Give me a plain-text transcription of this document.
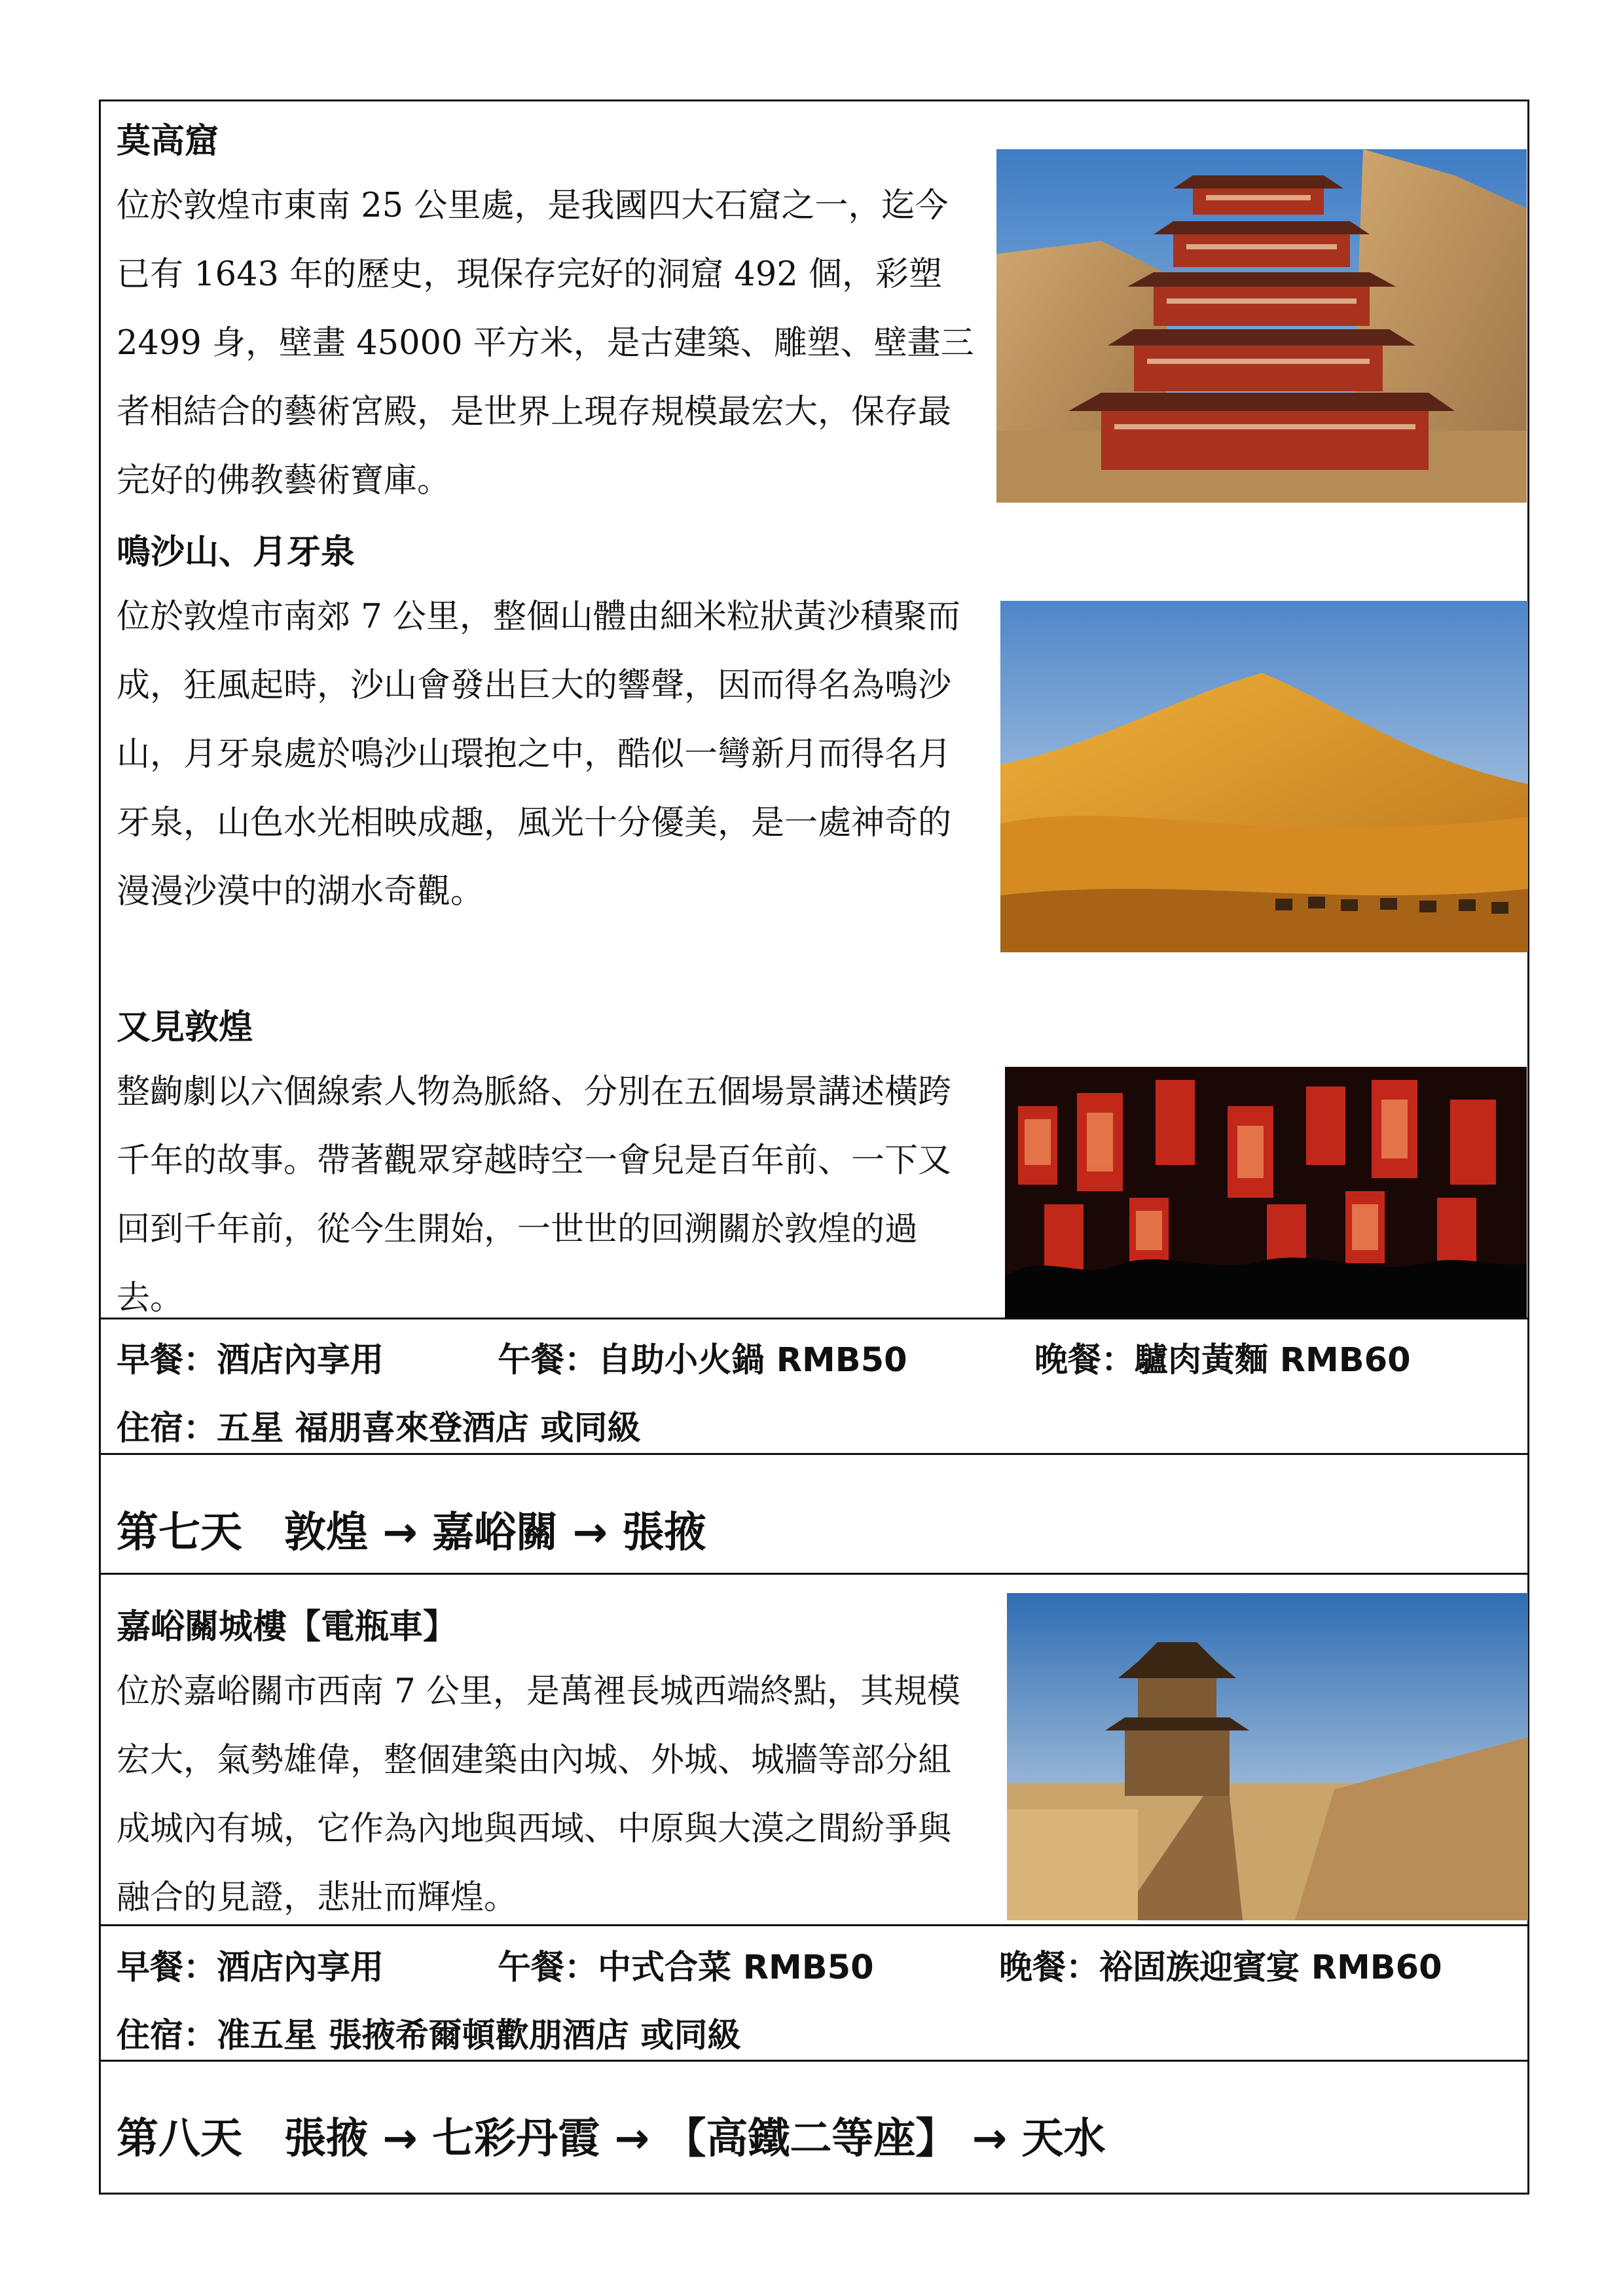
莫高窟
位於敦煌市東南 25 公里處，是我國四大石窟之一，迄今已有 1643 年的歷史，現保存完好的洞窟 492 個，彩塑 2499 身，壁畫 45000 平方米，是古建築、雕塑、壁畫三者相結合的藝術宮殿，是世界上現存規模最宏大，保存最完好的佛教藝術寶庫。
鳴沙山、月牙泉
位於敦煌市南郊 7 公里，整個山體由細米粒狀黃沙積聚而成，狂風起時，沙山會發出巨大的響聲，因而得名為鳴沙山，月牙泉處於鳴沙山環抱之中，酷似一彎新月而得名月牙泉，山色水光相映成趣，風光十分優美，是一處神奇的漫漫沙漠中的湖水奇觀。
又見敦煌
整齣劇以六個線索人物為脈絡、分別在五個場景講述橫跨千年的故事。帶著觀眾穿越時空一會兒是百年前、一下又回到千年前，從今生開始，一世世的回溯關於敦煌的過去。
早餐：酒店內享用	午餐：自助小火鍋 RMB50	晚餐：驢肉黃麵 RMB60
住宿：五星 福朋喜來登酒店 或同級
第七天　敦煌 → 嘉峪關 → 張掖
嘉峪關城樓【電瓶車】
位於嘉峪關市西南 7 公里，是萬裡長城西端終點，其規模宏大，氣勢雄偉，整個建築由內城、外城、城牆等部分組成城內有城，它作為內地與西域、中原與大漠之間紛爭與融合的見證，悲壯而輝煌。
早餐：酒店內享用	午餐：中式合菜 RMB50	晚餐：裕固族迎賓宴 RMB60
住宿：准五星 張掖希爾頓歡朋酒店 或同級
第八天　張掖 → 七彩丹霞 → 【高鐵二等座】 → 天水
